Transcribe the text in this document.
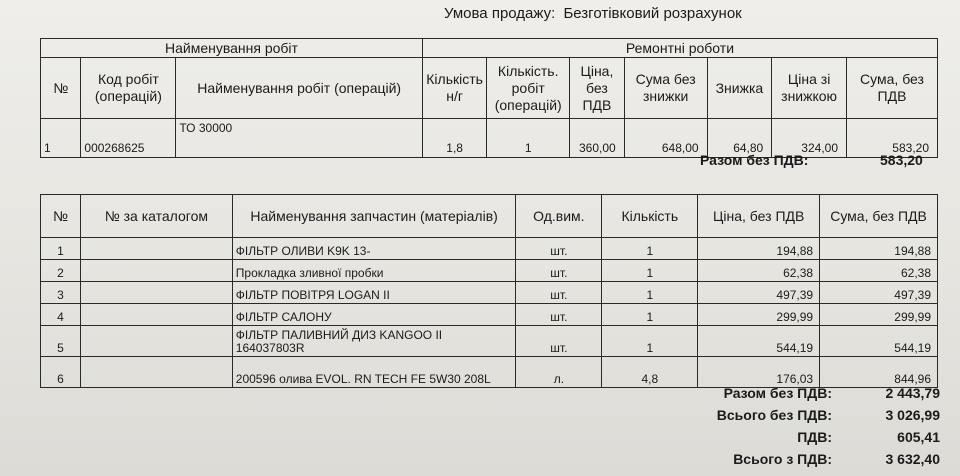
Умова продажу: Безготівковий розрахунок
Найменування робіт			Ремонтні роботи						
№	Код робіт (операцій)	Найменування робіт (операцій)	Кількість н/г	Кількість. робіт (операцій)	Ціна, без ПДВ	Сума без знижки	Знижка	Ціна зі знижкою	Сума, без ПДВ
1	000268625	ТО 30000	1,8	1	360,00	648,00	64,80	324,00	583,20
Разом без ПДВ:	583,20
№	№ за каталогом	Найменування запчастин (матеріалів)	Од.вим.	Кількість	Ціна, без ПДВ	Сума, без ПДВ
1		ФІЛЬТР ОЛИВИ K9K 13-	шт.	1	194,88	194,88
2		Прокладка зливної пробки	шт.	1	62,38	62,38
3		ФІЛЬТР ПОВІТРЯ LOGAN II	шт.	1	497,39	497,39
4		ФІЛЬТР САЛОНУ	шт.	1	299,99	299,99
5		ФІЛЬТР ПАЛИВНИЙ ДИЗ KANGOO II 164037803R	шт.	1	544,19	544,19
6		200596 олива EVOL. RN TECH FE 5W30 208L	л.	4,8	176,03	844,96
Разом без ПДВ:	2 443,79
Всього без ПДВ:	3 026,99
ПДВ:	605,41
Всього з ПДВ:	3 632,40
